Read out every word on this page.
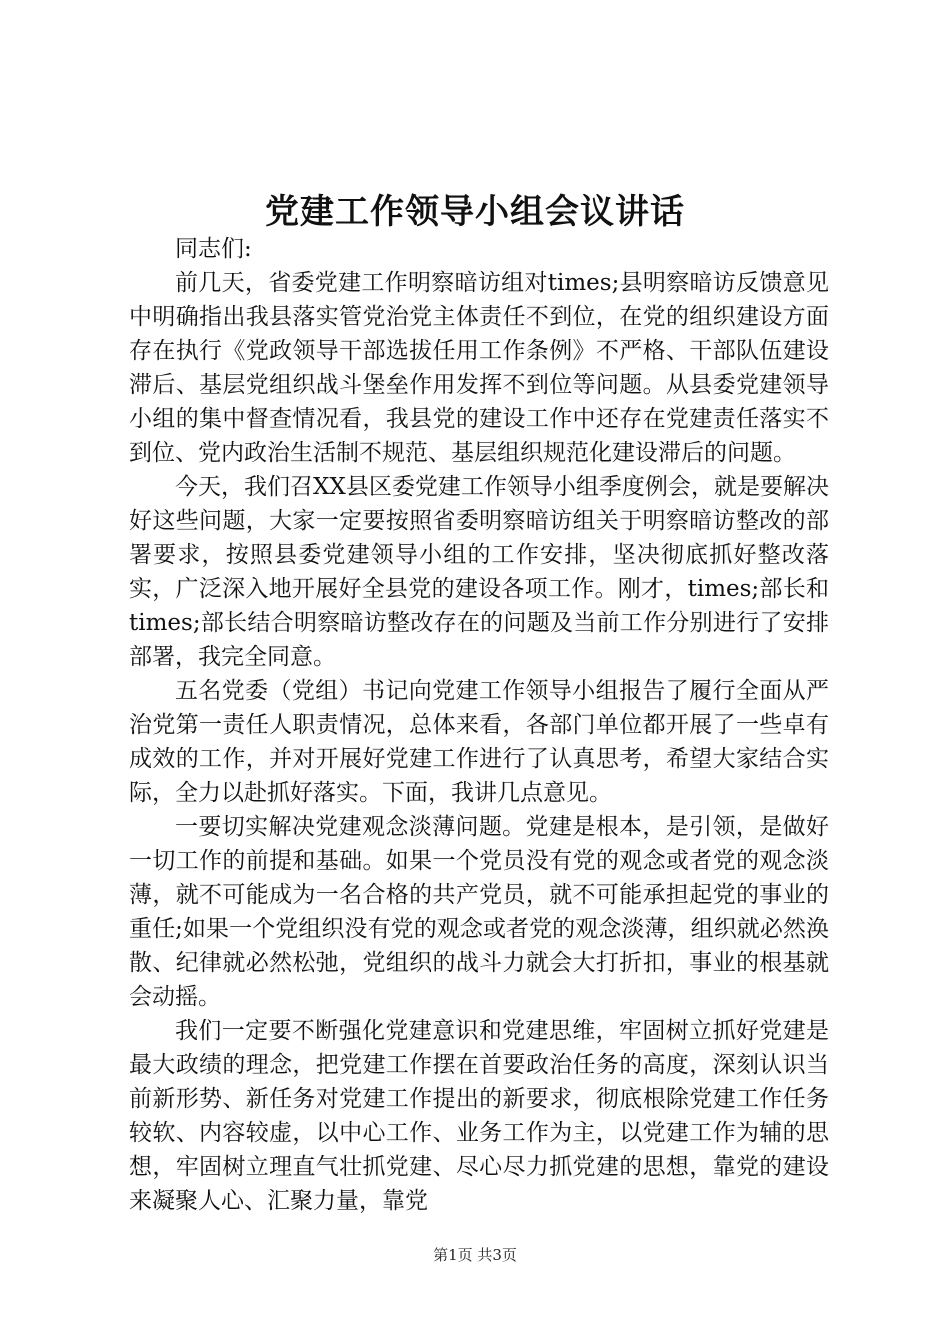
党建工作领导小组会议讲话

同志们:

前几天，省委党建工作明察暗访组对times;县明察暗访反馈意见中明确指出我县落实管党治党主体责任不到位，在党的组织建设方面存在执行《党政领导干部选拔任用工作条例》不严格、干部队伍建设滞后、基层党组织战斗堡垒作用发挥不到位等问题。从县委党建领导小组的集中督查情况看，我县党的建设工作中还存在党建责任落实不到位、党内政治生活制不规范、基层组织规范化建设滞后的问题。

今天，我们召XX县区委党建工作领导小组季度例会，就是要解决好这些问题，大家一定要按照省委明察暗访组关于明察暗访整改的部署要求，按照县委党建领导小组的工作安排，坚决彻底抓好整改落实，广泛深入地开展好全县党的建设各项工作。刚才，times;部长和times;部长结合明察暗访整改存在的问题及当前工作分别进行了安排部署，我完全同意。

五名党委（党组）书记向党建工作领导小组报告了履行全面从严治党第一责任人职责情况，总体来看，各部门单位都开展了一些卓有成效的工作，并对开展好党建工作进行了认真思考，希望大家结合实际，全力以赴抓好落实。下面，我讲几点意见。

一要切实解决党建观念淡薄问题。党建是根本，是引领，是做好一切工作的前提和基础。如果一个党员没有党的观念或者党的观念淡薄，就不可能成为一名合格的共产党员，就不可能承担起党的事业的重任;如果一个党组织没有党的观念或者党的观念淡薄，组织就必然涣散、纪律就必然松弛，党组织的战斗力就会大打折扣，事业的根基就会动摇。

我们一定要不断强化党建意识和党建思维，牢固树立抓好党建是最大政绩的理念，把党建工作摆在首要政治任务的高度，深刻认识当前新形势、新任务对党建工作提出的新要求，彻底根除党建工作任务较软、内容较虚，以中心工作、业务工作为主，以党建工作为辅的思想，牢固树立理直气壮抓党建、尽心尽力抓党建的思想，靠党的建设来凝聚人心、汇聚力量，靠党

第1页 共3页
